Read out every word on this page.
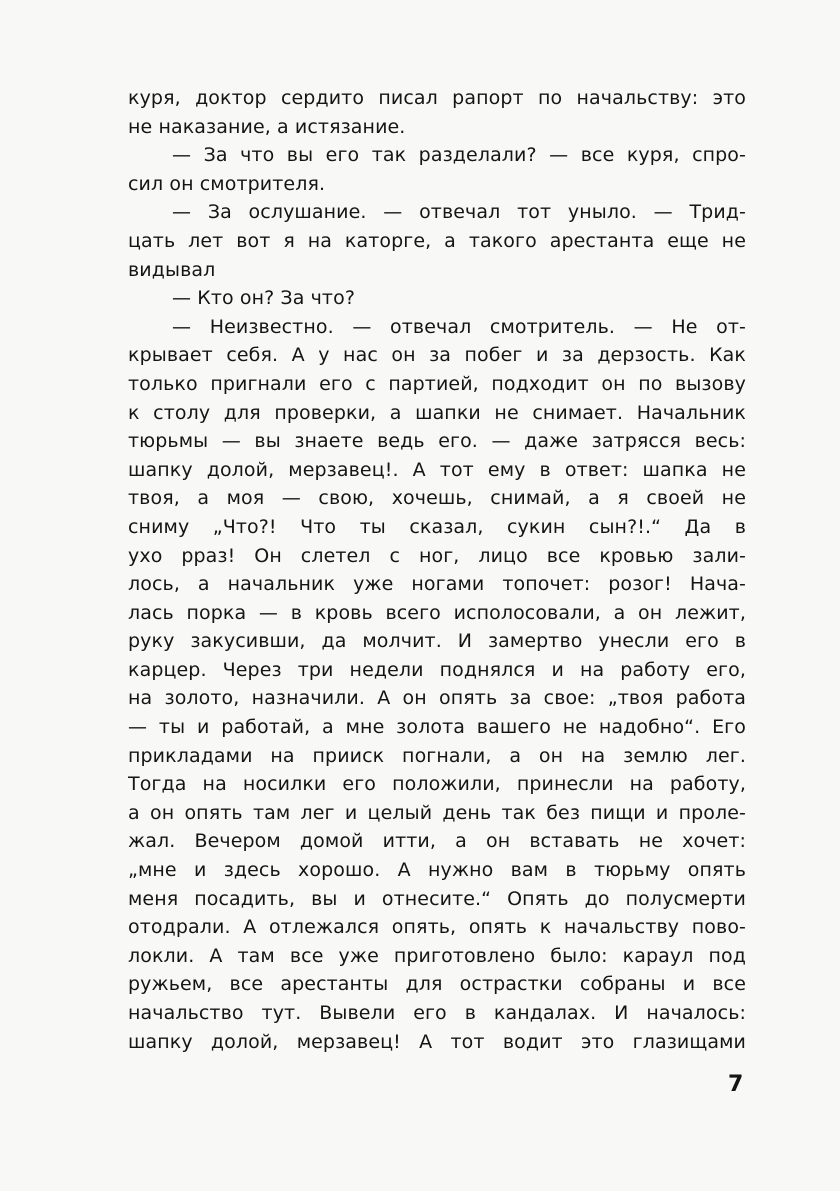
куря, доктор сердито писал рапорт по начальству: это
не наказание, а истязание.
— За что вы его так разделали? — все куря, спро-
сил он смотрителя.
— За ослушание. — отвечал тот уныло. — Трид-
цать лет вот я на каторге, а такого арестанта еще не
видывал
— Кто он? За что?
— Неизвестно. — отвечал смотритель. — Не от-
крывает себя. А у нас он за побег и за дерзость. Как
только пригнали его с партией, подходит он по вызову
к столу для проверки, а шапки не снимает. Начальник
тюрьмы — вы знаете ведь его. — даже затрясся весь:
шапку долой, мерзавец!. А тот ему в ответ: шапка не
твоя, а моя — свою, хочешь, снимай, а я своей не
сниму „Что?! Что ты сказал, сукин сын?!.“ Да в
ухо рраз! Он слетел с ног, лицо все кровью зали-
лось, а начальник уже ногами топочет: розог! Нача-
лась порка — в кровь всего исполосовали, а он лежит,
руку закусивши, да молчит. И замертво унесли его в
карцер. Через три недели поднялся и на работу его,
на золото, назначили. А он опять за свое: „твоя работа
— ты и работай, а мне золота вашего не надобно“. Его
прикладами на прииск погнали, а он на землю лег.
Тогда на носилки его положили, принесли на работу,
а он опять там лег и целый день так без пищи и проле-
жал. Вечером домой итти, а он вставать не хочет:
„мне и здесь хорошо. А нужно вам в тюрьму опять
меня посадить, вы и отнесите.“ Опять до полусмерти
отодрали. А отлежался опять, опять к начальству пово-
локли. А там все уже приготовлено было: караул под
ружьем, все арестанты для острастки собраны и все
начальство тут. Вывели его в кандалах. И началось:
шапку долой, мерзавец! А тот водит это глазищами
7
